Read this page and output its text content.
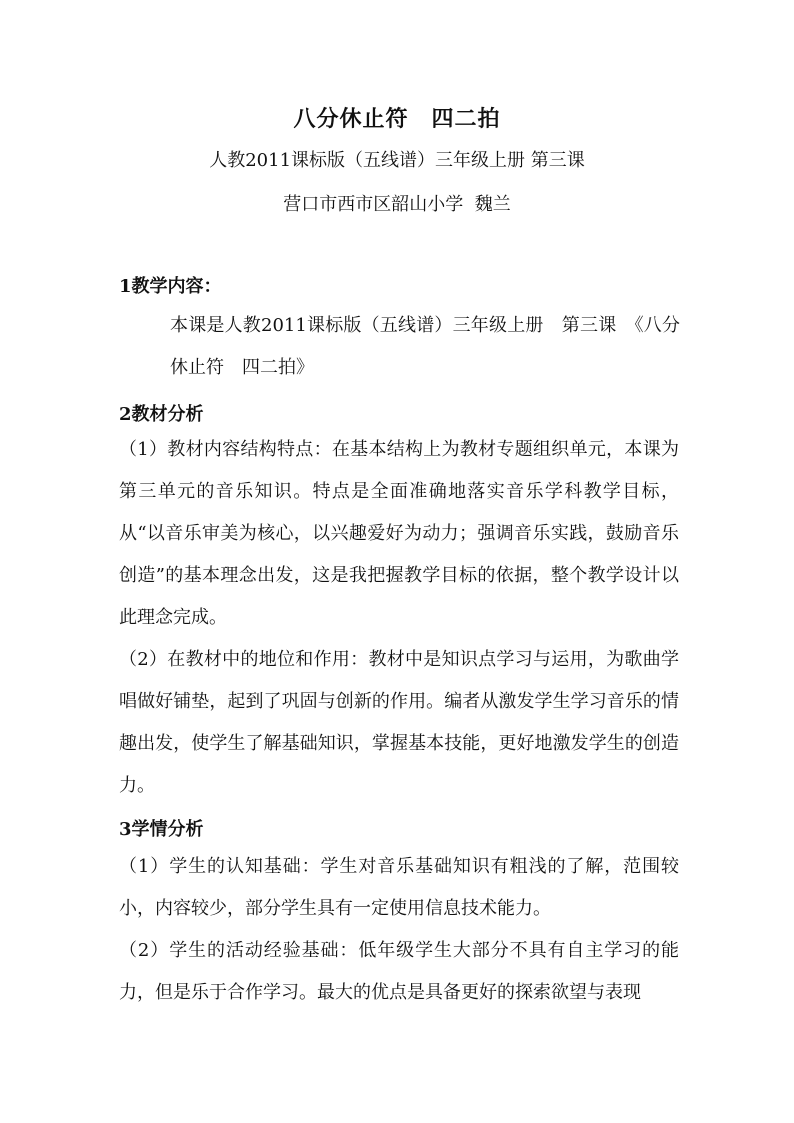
八分休止符　四二拍
人教2011课标版（五线谱）三年级上册 第三课
营口市西市区韶山小学  魏兰
1教学内容：

本课是人教2011课标版（五线谱）三年级上册　第三课　《八分休止符　四二拍》

2教材分析

（1）教材内容结构特点：在基本结构上为教材专题组织单元，本课为第三单元的音乐知识。特点是全面准确地落实音乐学科教学目标，从“以音乐审美为核心，以兴趣爱好为动力；强调音乐实践，鼓励音乐创造”的基本理念出发，这是我把握教学目标的依据，整个教学设计以此理念完成。

（2）在教材中的地位和作用：教材中是知识点学习与运用，为歌曲学唱做好铺垫，起到了巩固与创新的作用。编者从激发学生学习音乐的情趣出发，使学生了解基础知识，掌握基本技能，更好地激发学生的创造力。

3学情分析

（1）学生的认知基础：学生对音乐基础知识有粗浅的了解，范围较小，内容较少，部分学生具有一定使用信息技术能力。

（2）学生的活动经验基础：低年级学生大部分不具有自主学习的能力，但是乐于合作学习。最大的优点是具备更好的探索欲望与表现
